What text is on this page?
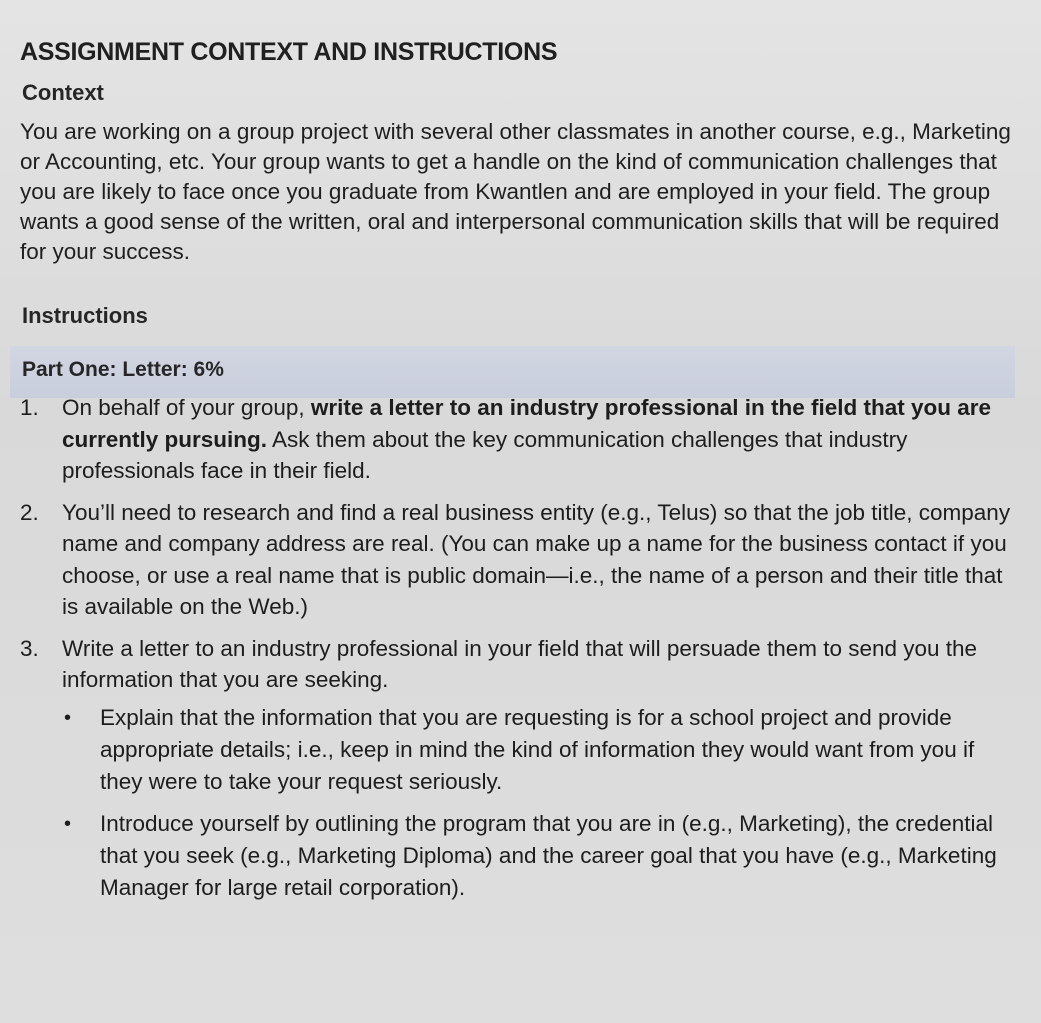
ASSIGNMENT CONTEXT AND INSTRUCTIONS
Context

You are working on a group project with several other classmates in another course, e.g., Marketing or Accounting, etc. Your group wants to get a handle on the kind of communication challenges that you are likely to face once you graduate from Kwantlen and are employed in your field. The group wants a good sense of the written, oral and interpersonal communication skills that will be required for your success.

Instructions
Part One: Letter: 6%
1. On behalf of your group, write a letter to an industry professional in the field that you are currently pursuing. Ask them about the key communication challenges that industry professionals face in their field.
2. You’ll need to research and find a real business entity (e.g., Telus) so that the job title, company name and company address are real. (You can make up a name for the business contact if you choose, or use a real name that is public domain—i.e., the name of a person and their title that is available on the Web.)
3. Write a letter to an industry professional in your field that will persuade them to send you the information that you are seeking.
• Explain that the information that you are requesting is for a school project and provide appropriate details; i.e., keep in mind the kind of information they would want from you if they were to take your request seriously.
• Introduce yourself by outlining the program that you are in (e.g., Marketing), the credential that you seek (e.g., Marketing Diploma) and the career goal that you have (e.g., Marketing Manager for large retail corporation).
